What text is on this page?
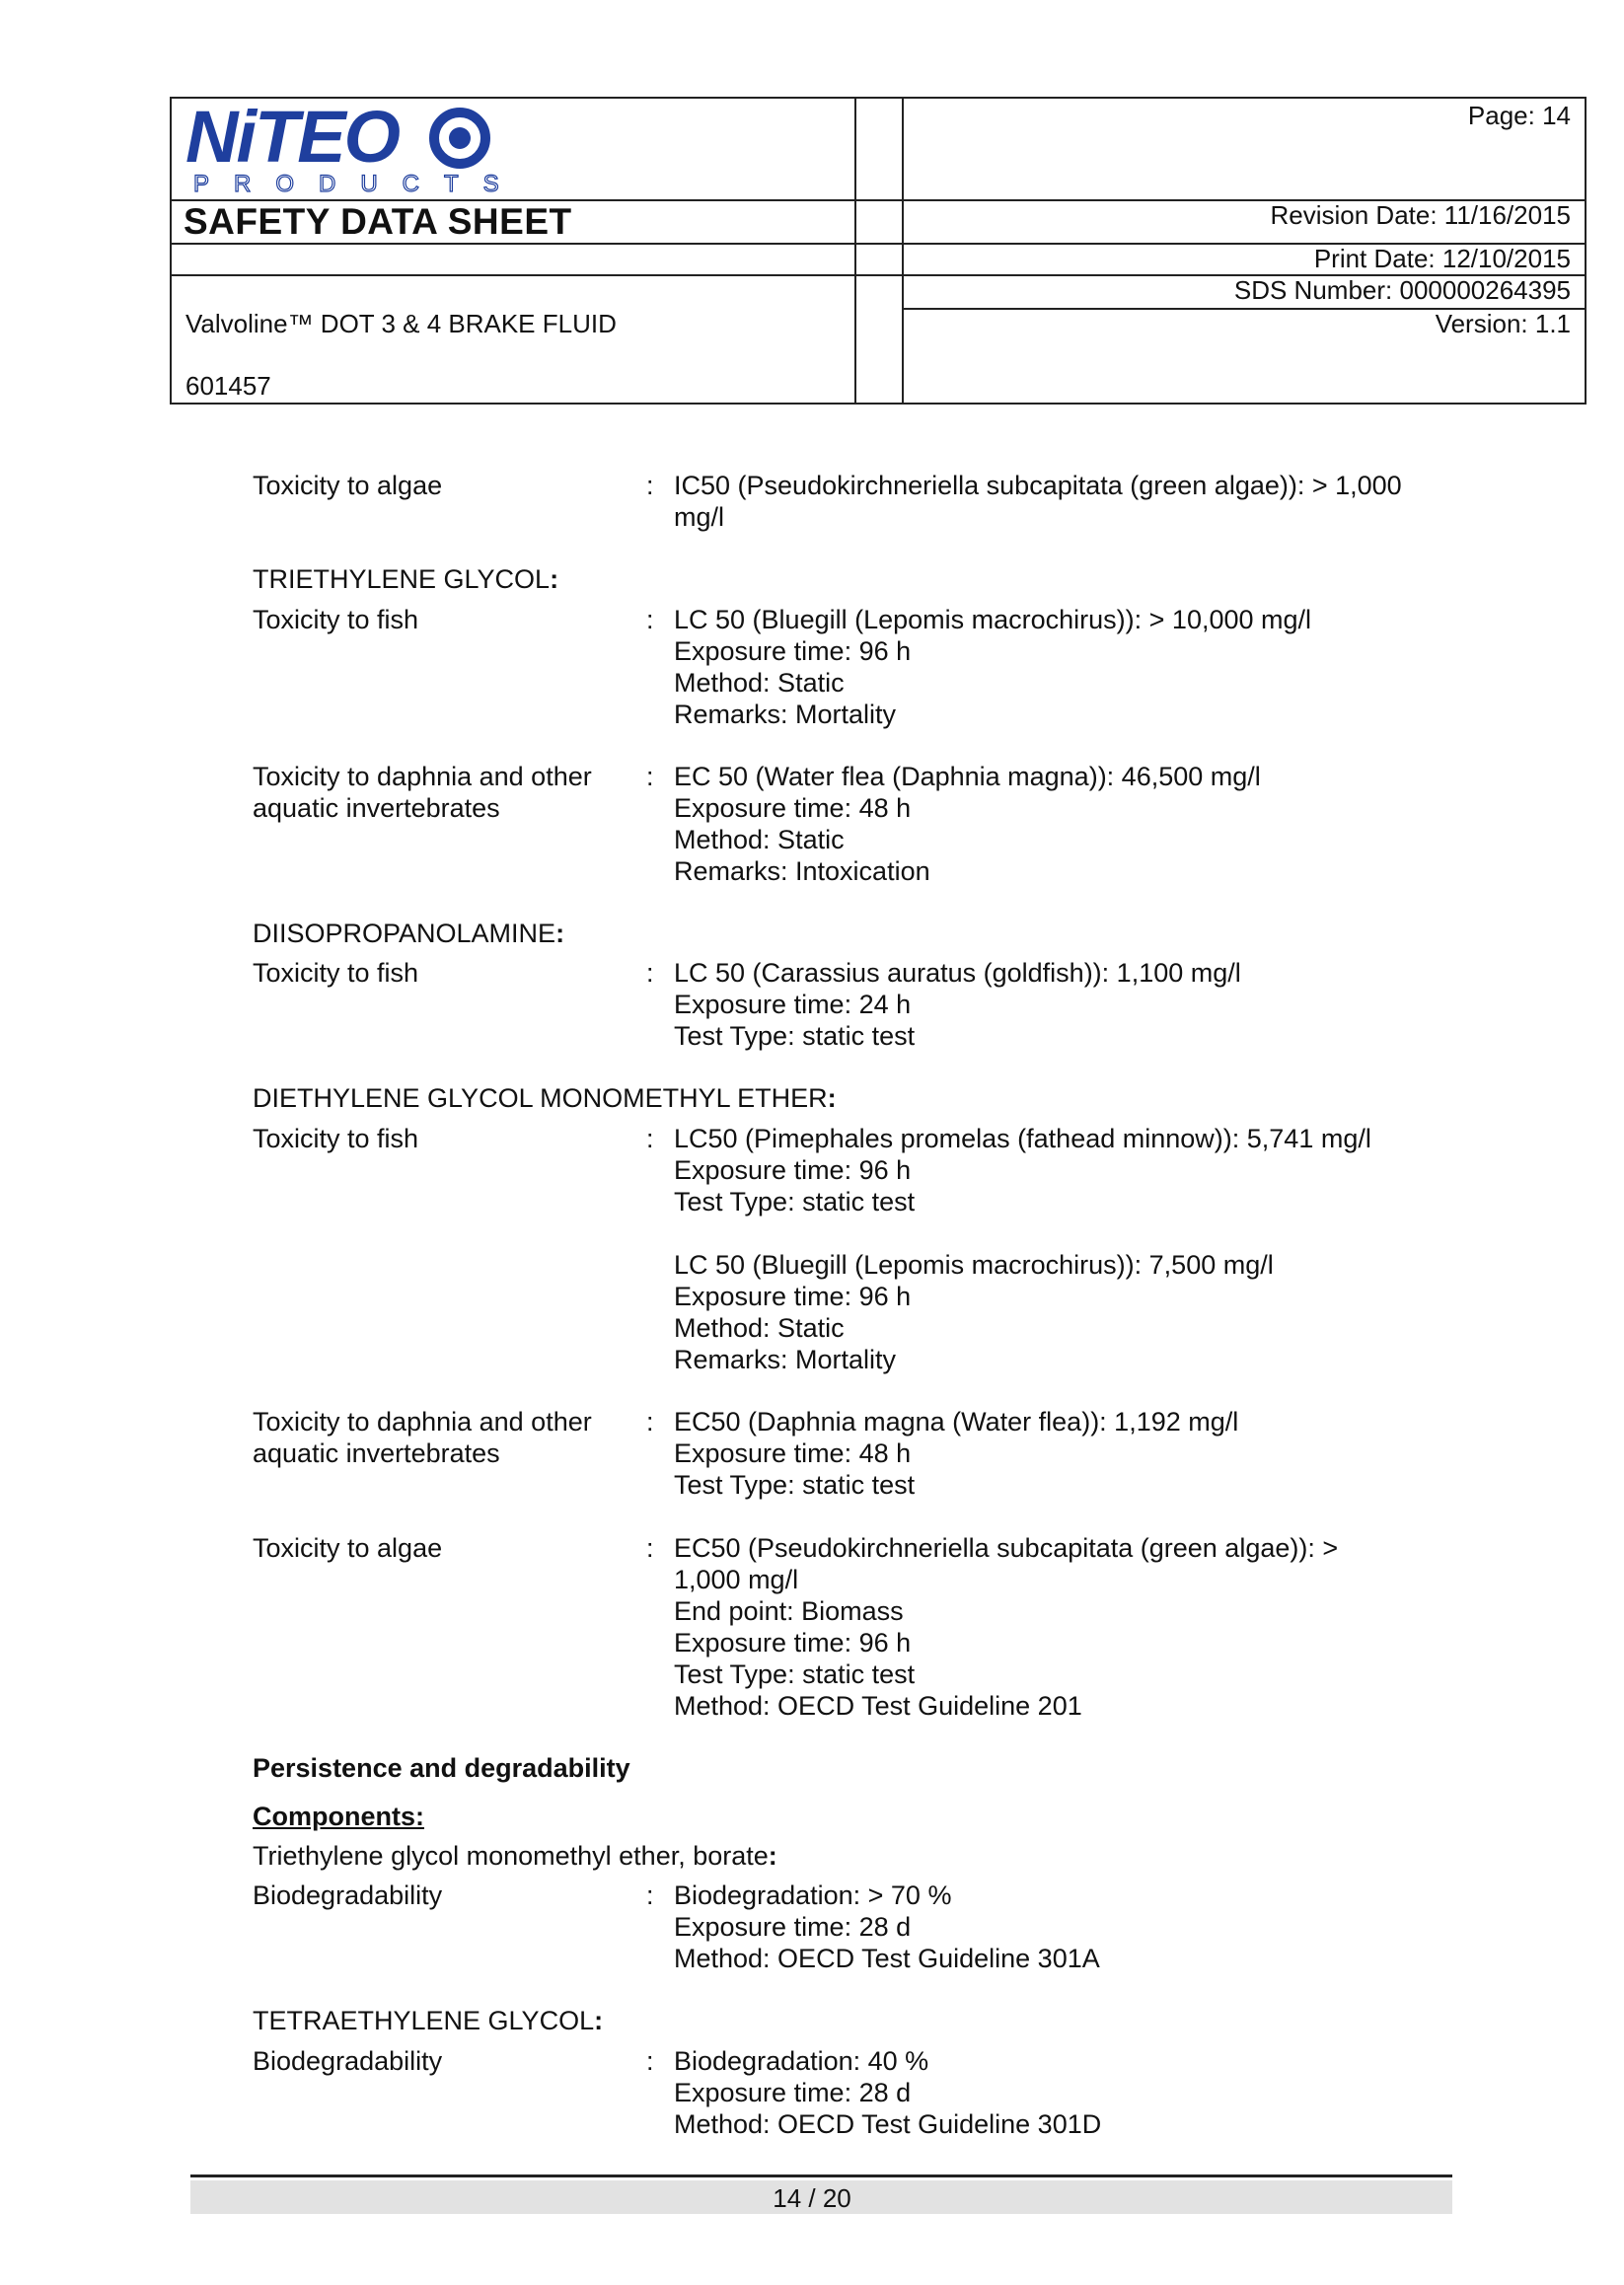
NiTEO
PRODUCTS
SAFETY DATA SHEET
Page: 14
Revision Date: 11/16/2015
Print Date: 12/10/2015
SDS Number: 000000264395
Version: 1.1
Valvoline™ DOT 3 & 4 BRAKE FLUID
601457
Toxicity to algae	: IC50 (Pseudokirchneriella subcapitata (green algae)): > 1,000
mg/l
TRIETHYLENE GLYCOL:
Toxicity to fish	: LC 50 (Bluegill (Lepomis macrochirus)): > 10,000 mg/l
Exposure time: 96 h
Method: Static
Remarks: Mortality
Toxicity to daphnia and other
aquatic invertebrates
: EC 50 (Water flea (Daphnia magna)): 46,500 mg/l
Exposure time: 48 h
Method: Static
Remarks: Intoxication
DIISOPROPANOLAMINE:
Toxicity to fish	: LC 50 (Carassius auratus (goldfish)): 1,100 mg/l
Exposure time: 24 h
Test Type: static test
DIETHYLENE GLYCOL MONOMETHYL ETHER:
Toxicity to fish	: LC50 (Pimephales promelas (fathead minnow)): 5,741 mg/l
Exposure time: 96 h
Test Type: static test
LC 50 (Bluegill (Lepomis macrochirus)): 7,500 mg/l
Exposure time: 96 h
Method: Static
Remarks: Mortality
Toxicity to daphnia and other
aquatic invertebrates
: EC50 (Daphnia magna (Water flea)): 1,192 mg/l
Exposure time: 48 h
Test Type: static test
Toxicity to algae	: EC50 (Pseudokirchneriella subcapitata (green algae)): >
1,000 mg/l
End point: Biomass
Exposure time: 96 h
Test Type: static test
Method: OECD Test Guideline 201
Persistence and degradability
Components:
Triethylene glycol monomethyl ether, borate:
Biodegradability	: Biodegradation: > 70 %
Exposure time: 28 d
Method: OECD Test Guideline 301A
TETRAETHYLENE GLYCOL:
Biodegradability	: Biodegradation: 40 %
Exposure time: 28 d
Method: OECD Test Guideline 301D
14 / 20
